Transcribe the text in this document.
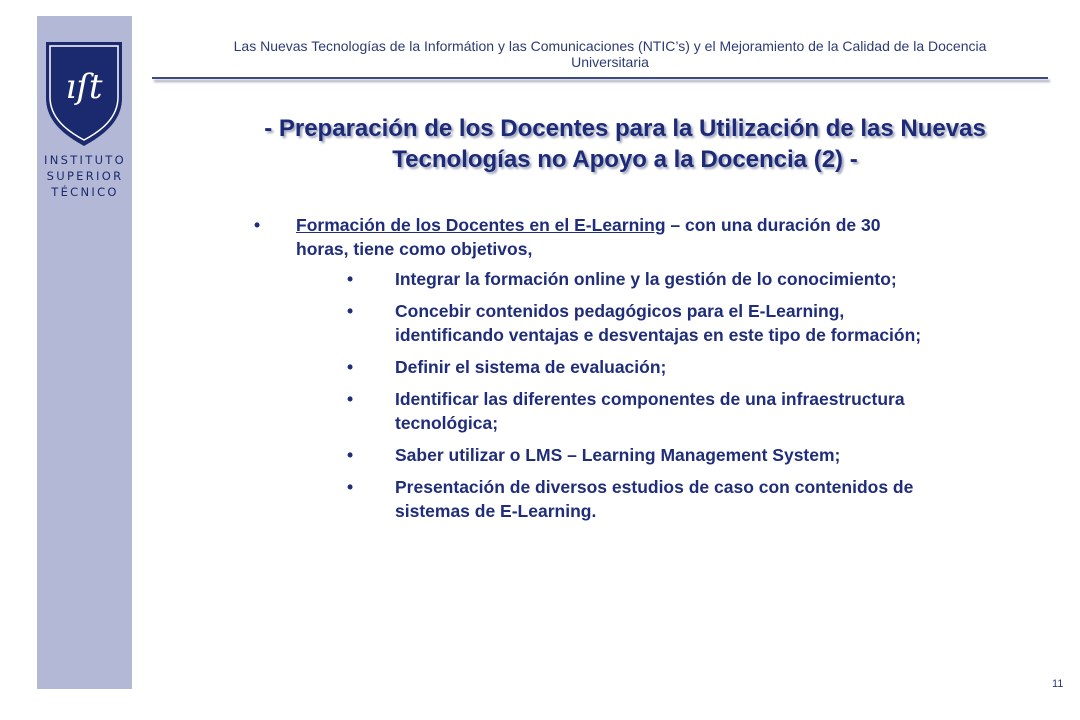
ıſt
INSTITUTO
SUPERIOR
TÉCNICO
Las Nuevas Tecnologías de la Informátion y las Comunicaciones (NTIC’s) y el Mejoramiento de la Calidad de la Docencia
Universitaria
- Preparación de los Docentes para la Utilización de las Nuevas
Tecnologías no Apoyo a la Docencia (2) -
• Formación de los Docentes en el E-Learning – con una duración de 30
horas, tiene como objetivos,
• Integrar la formación online y la gestión de lo conocimiento;
• Concebir contenidos pedagógicos para el E-Learning,
identificando ventajas e desventajas en este tipo de formación;
• Definir el sistema de evaluación;
• Identificar las diferentes componentes de una infraestructura
tecnológica;
• Saber utilizar o LMS – Learning Management System;
• Presentación de diversos estudios de caso con contenidos de
sistemas de E-Learning.
11
